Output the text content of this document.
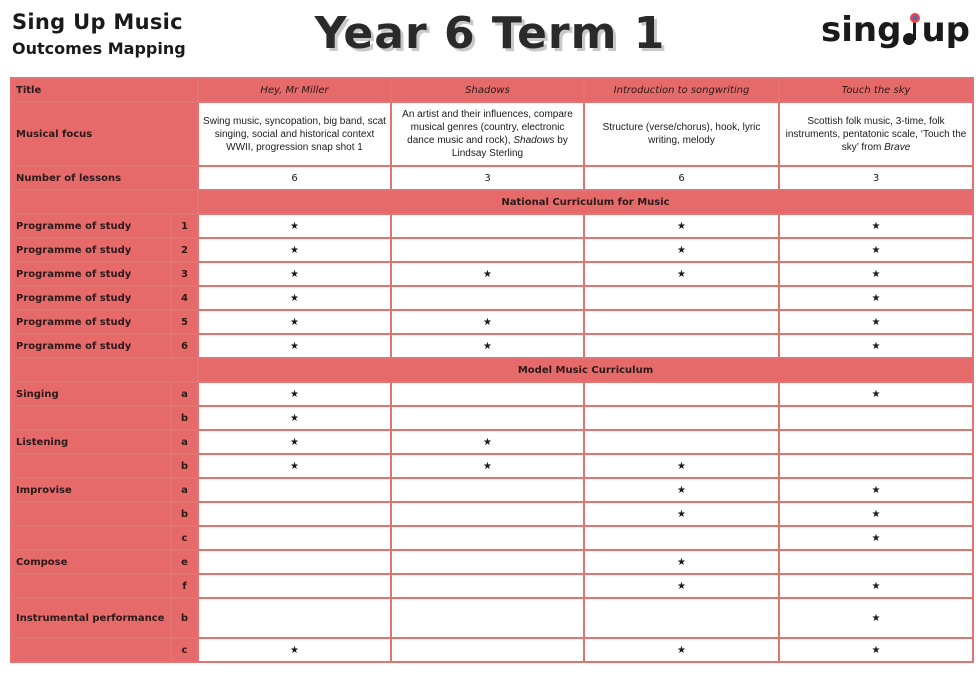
Sing Up Music
Outcomes Mapping	Year 6 Term 1	sing up
Title		Hey, Mr Miller	Shadows	Introduction to songwriting	Touch the sky
Musical focus		Swing music, syncopation, big band, scat singing, social and historical context WWII, progression snap shot 1	An artist and their influences, compare musical genres (country, electronic dance music and rock), Shadows by Lindsay Sterling	Structure (verse/chorus), hook, lyric writing, melody	Scottish folk music, 3-time, folk instruments, pentatonic scale, ‘Touch the sky’ from Brave
Number of lessons		6	3	6	3
		National Curriculum for Music			
Programme of study	1	★		★	★
Programme of study	2	★		★	★
Programme of study	3	★	★	★	★
Programme of study	4	★			★
Programme of study	5	★	★		★
Programme of study	6	★	★		★
		Model Music Curriculum			
Singing	a	★			★
	b	★			
Listening	a	★	★		
	b	★	★	★	
Improvise	a			★	★
	b			★	★
	c				★
Compose	e			★	
	f			★	★
Instrumental performance	b				★
	c	★		★	★
